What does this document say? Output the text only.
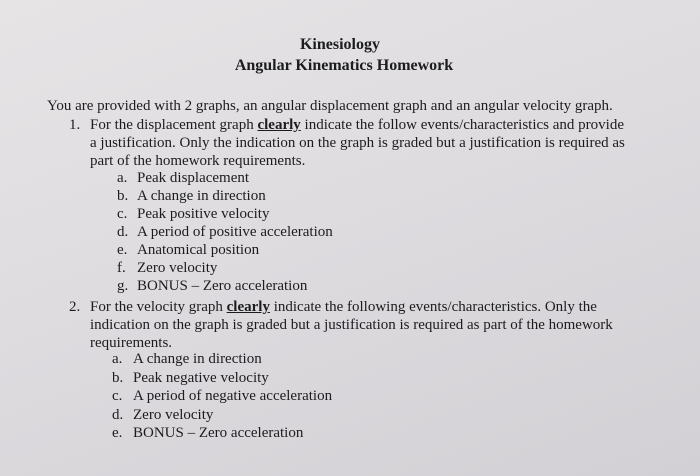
Kinesiology
Angular Kinematics Homework
You are provided with 2 graphs, an angular displacement graph and an angular velocity graph.
1. For the displacement graph clearly indicate the follow events/characteristics and provide
a justification. Only the indication on the graph is graded but a justification is required as
part of the homework requirements.
a. Peak displacement
b. A change in direction
c. Peak positive velocity
d. A period of positive acceleration
e. Anatomical position
f. Zero velocity
g. BONUS – Zero acceleration
2. For the velocity graph clearly indicate the following events/characteristics. Only the
indication on the graph is graded but a justification is required as part of the homework
requirements.
a. A change in direction
b. Peak negative velocity
c. A period of negative acceleration
d. Zero velocity
e. BONUS – Zero acceleration
